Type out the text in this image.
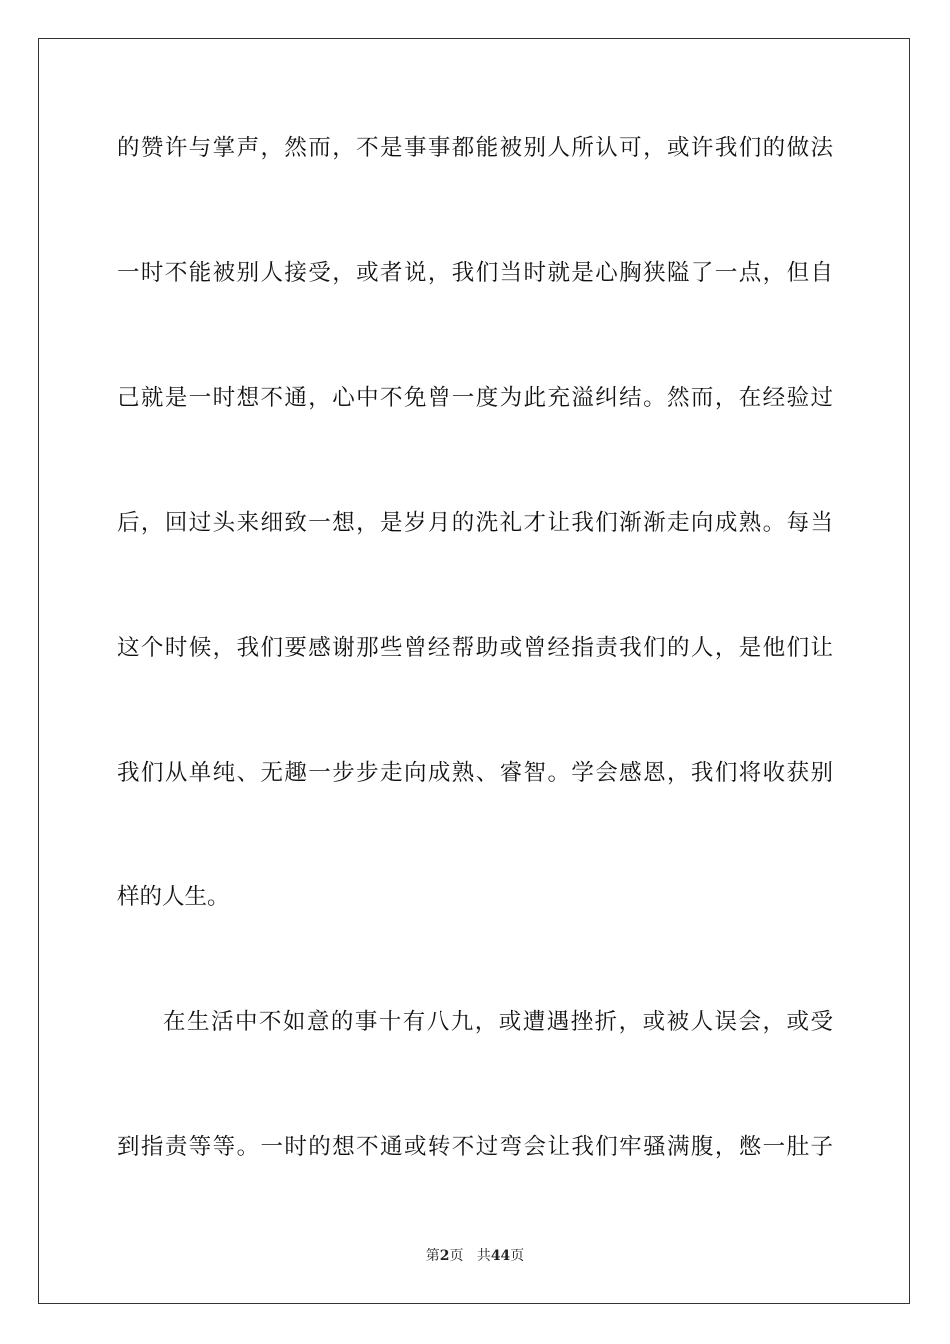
的赞许与掌声，然而，不是事事都能被别人所认可，或许我们的做法
一时不能被别人接受，或者说，我们当时就是心胸狭隘了一点，但自
己就是一时想不通，心中不免曾一度为此充溢纠结。然而，在经验过
后，回过头来细致一想，是岁月的洗礼才让我们渐渐走向成熟。每当
这个时候，我们要感谢那些曾经帮助或曾经指责我们的人，是他们让
我们从单纯、无趣一步步走向成熟、睿智。学会感恩，我们将收获别
样的人生。
在生活中不如意的事十有八九，或遭遇挫折，或被人误会，或受
到指责等等。一时的想不通或转不过弯会让我们牢骚满腹，憋一肚子
第2页 共44页
